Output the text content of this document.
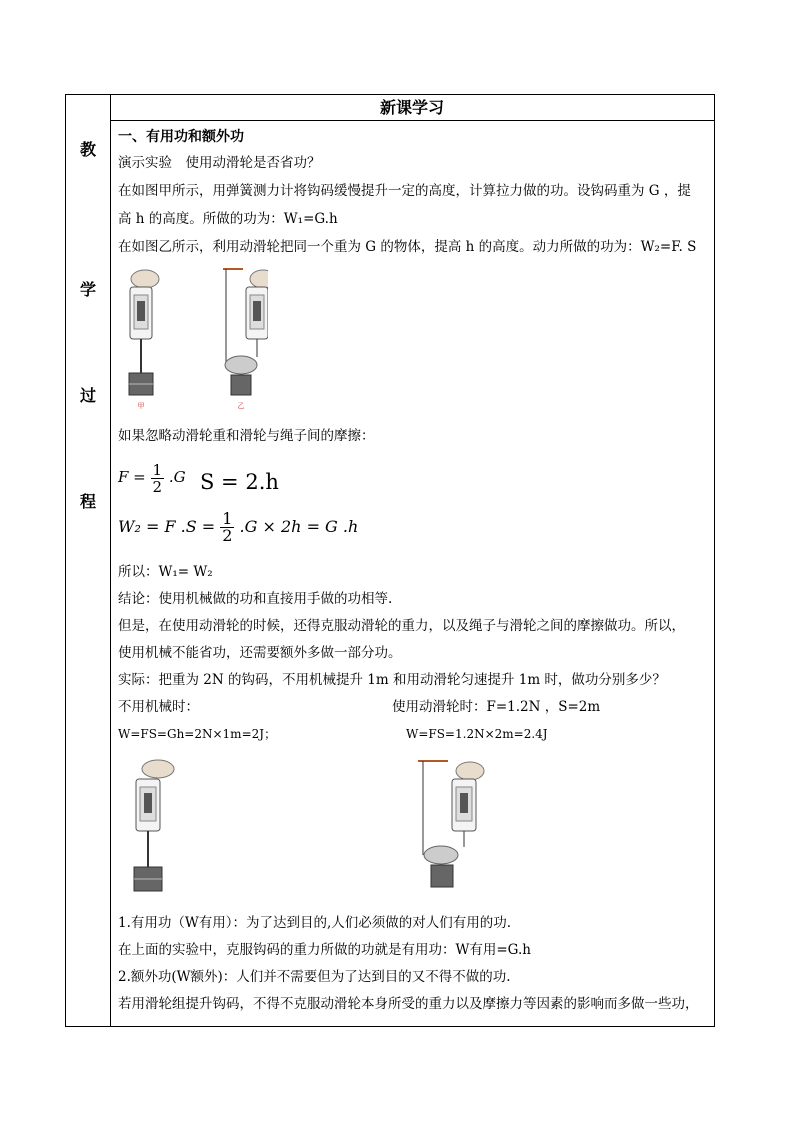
教
学
过
程
新课学习
一、有用功和额外功
演示实验　使用动滑轮是否省功？
在如图甲所示，用弹簧测力计将钩码缓慢提升一定的高度，计算拉力做的功。设钩码重为 G ，提
高 h 的高度。所做的功为：W₁=G.h
在如图乙所示，利用动滑轮把同一个重为 G 的物体，提高 h 的高度。动力所做的功为：W₂=F. S
甲	乙
如果忽略动滑轮重和滑轮与绳子间的摩擦：
$F = \frac{1}{2} .G$ S = 2.h
W₂ = F $.S = \frac{1}{2} .G \times 2h = G$ .h
所以：W₁= W₂
结论：使用机械做的功和直接用手做的功相等.
但是，在使用动滑轮的时候，还得克服动滑轮的重力，以及绳子与滑轮之间的摩擦做功。所以，
使用机械不能省功，还需要额外多做一部分功。
实际：把重为 2N 的钩码，不用机械提升 1m 和用动滑轮匀速提升 1m 时，做功分别多少？
不用机械时：	使用动滑轮时：F=1.2N ，S=2m
W=FS=Gh=2N×1m=2J；	W=FS=1.2N×2m=2.4J
1.有用功（W有用）：为了达到目的,人们必须做的对人们有用的功.
在上面的实验中，克服钩码的重力所做的功就是有用功：W有用=G.h
2.额外功(W额外)：人们并不需要但为了达到目的又不得不做的功.
若用滑轮组提升钩码，不得不克服动滑轮本身所受的重力以及摩擦力等因素的影响而多做一些功，
